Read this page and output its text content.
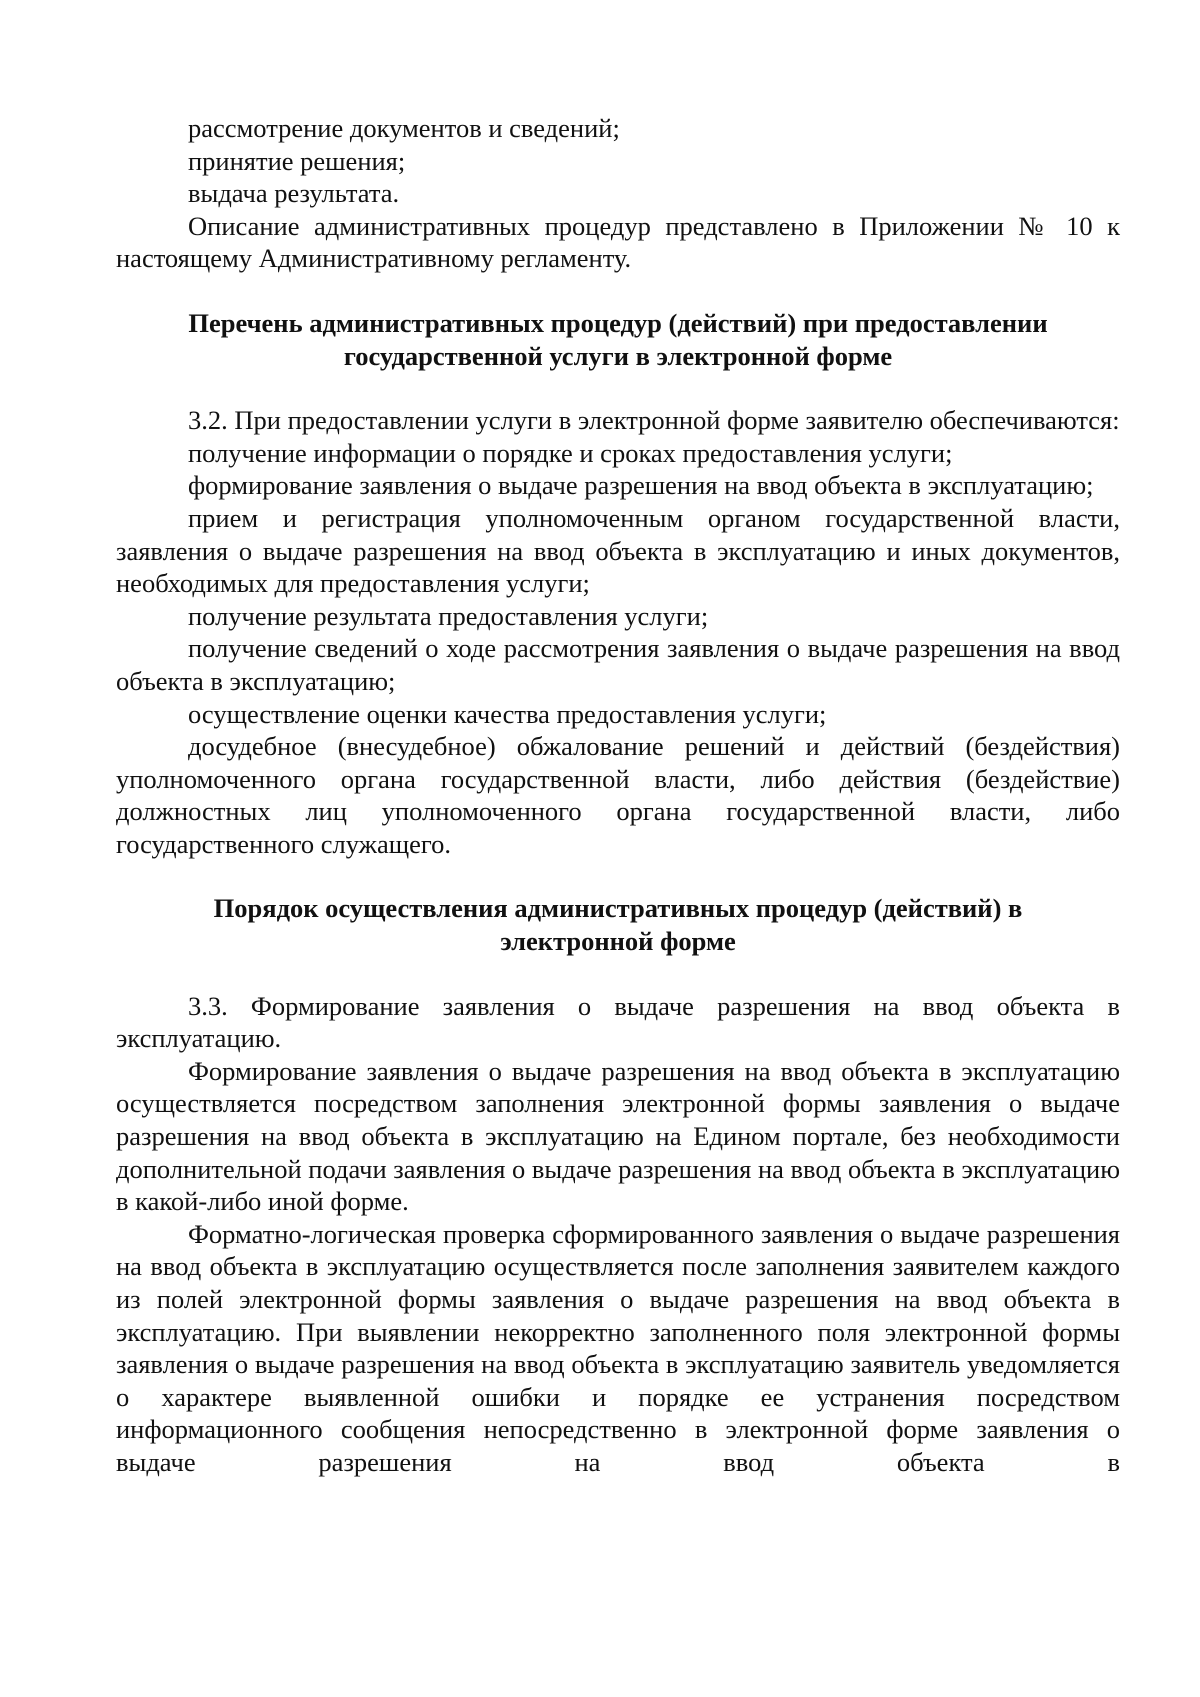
рассмотрение документов и сведений;

принятие решения;

выдача результата.

Описание административных процедур представлено в Приложении № 10 к настоящему Административному регламенту.

Перечень административных процедур (действий) при предоставлении

государственной услуги в электронной форме

3.2. При предоставлении услуги в электронной форме заявителю обеспечиваются:

получение информации о порядке и сроках предоставления услуги;

формирование заявления о выдаче разрешения на ввод объекта в эксплуатацию;

прием и регистрация уполномоченным органом государственной власти, заявления о выдаче разрешения на ввод объекта в эксплуатацию и иных документов, необходимых для предоставления услуги;

получение результата предоставления услуги;

получение сведений о ходе рассмотрения заявления о выдаче разрешения на ввод объекта в эксплуатацию;

осуществление оценки качества предоставления услуги;

досудебное (внесудебное) обжалование решений и действий (бездействия) уполномоченного органа государственной власти, либо действия (бездействие) должностных лиц уполномоченного органа государственной власти, либо государственного служащего.

Порядок осуществления административных процедур (действий) в

электронной форме

3.3. Формирование заявления о выдаче разрешения на ввод объекта в эксплуатацию.

Формирование заявления о выдаче разрешения на ввод объекта в эксплуатацию осуществляется посредством заполнения электронной формы заявления о выдаче разрешения на ввод объекта в эксплуатацию на Едином портале, без необходимости дополнительной подачи заявления о выдаче разрешения на ввод объекта в эксплуатацию в какой-либо иной форме.

Форматно-логическая проверка сформированного заявления о выдаче разрешения на ввод объекта в эксплуатацию осуществляется после заполнения заявителем каждого из полей электронной формы заявления о выдаче разрешения на ввод объекта в эксплуатацию. При выявлении некорректно заполненного поля электронной формы заявления о выдаче разрешения на ввод объекта в эксплуатацию заявитель уведомляется о характере выявленной ошибки и порядке ее устранения посредством информационного сообщения непосредственно в электронной форме заявления о выдаче разрешения на ввод объекта в
